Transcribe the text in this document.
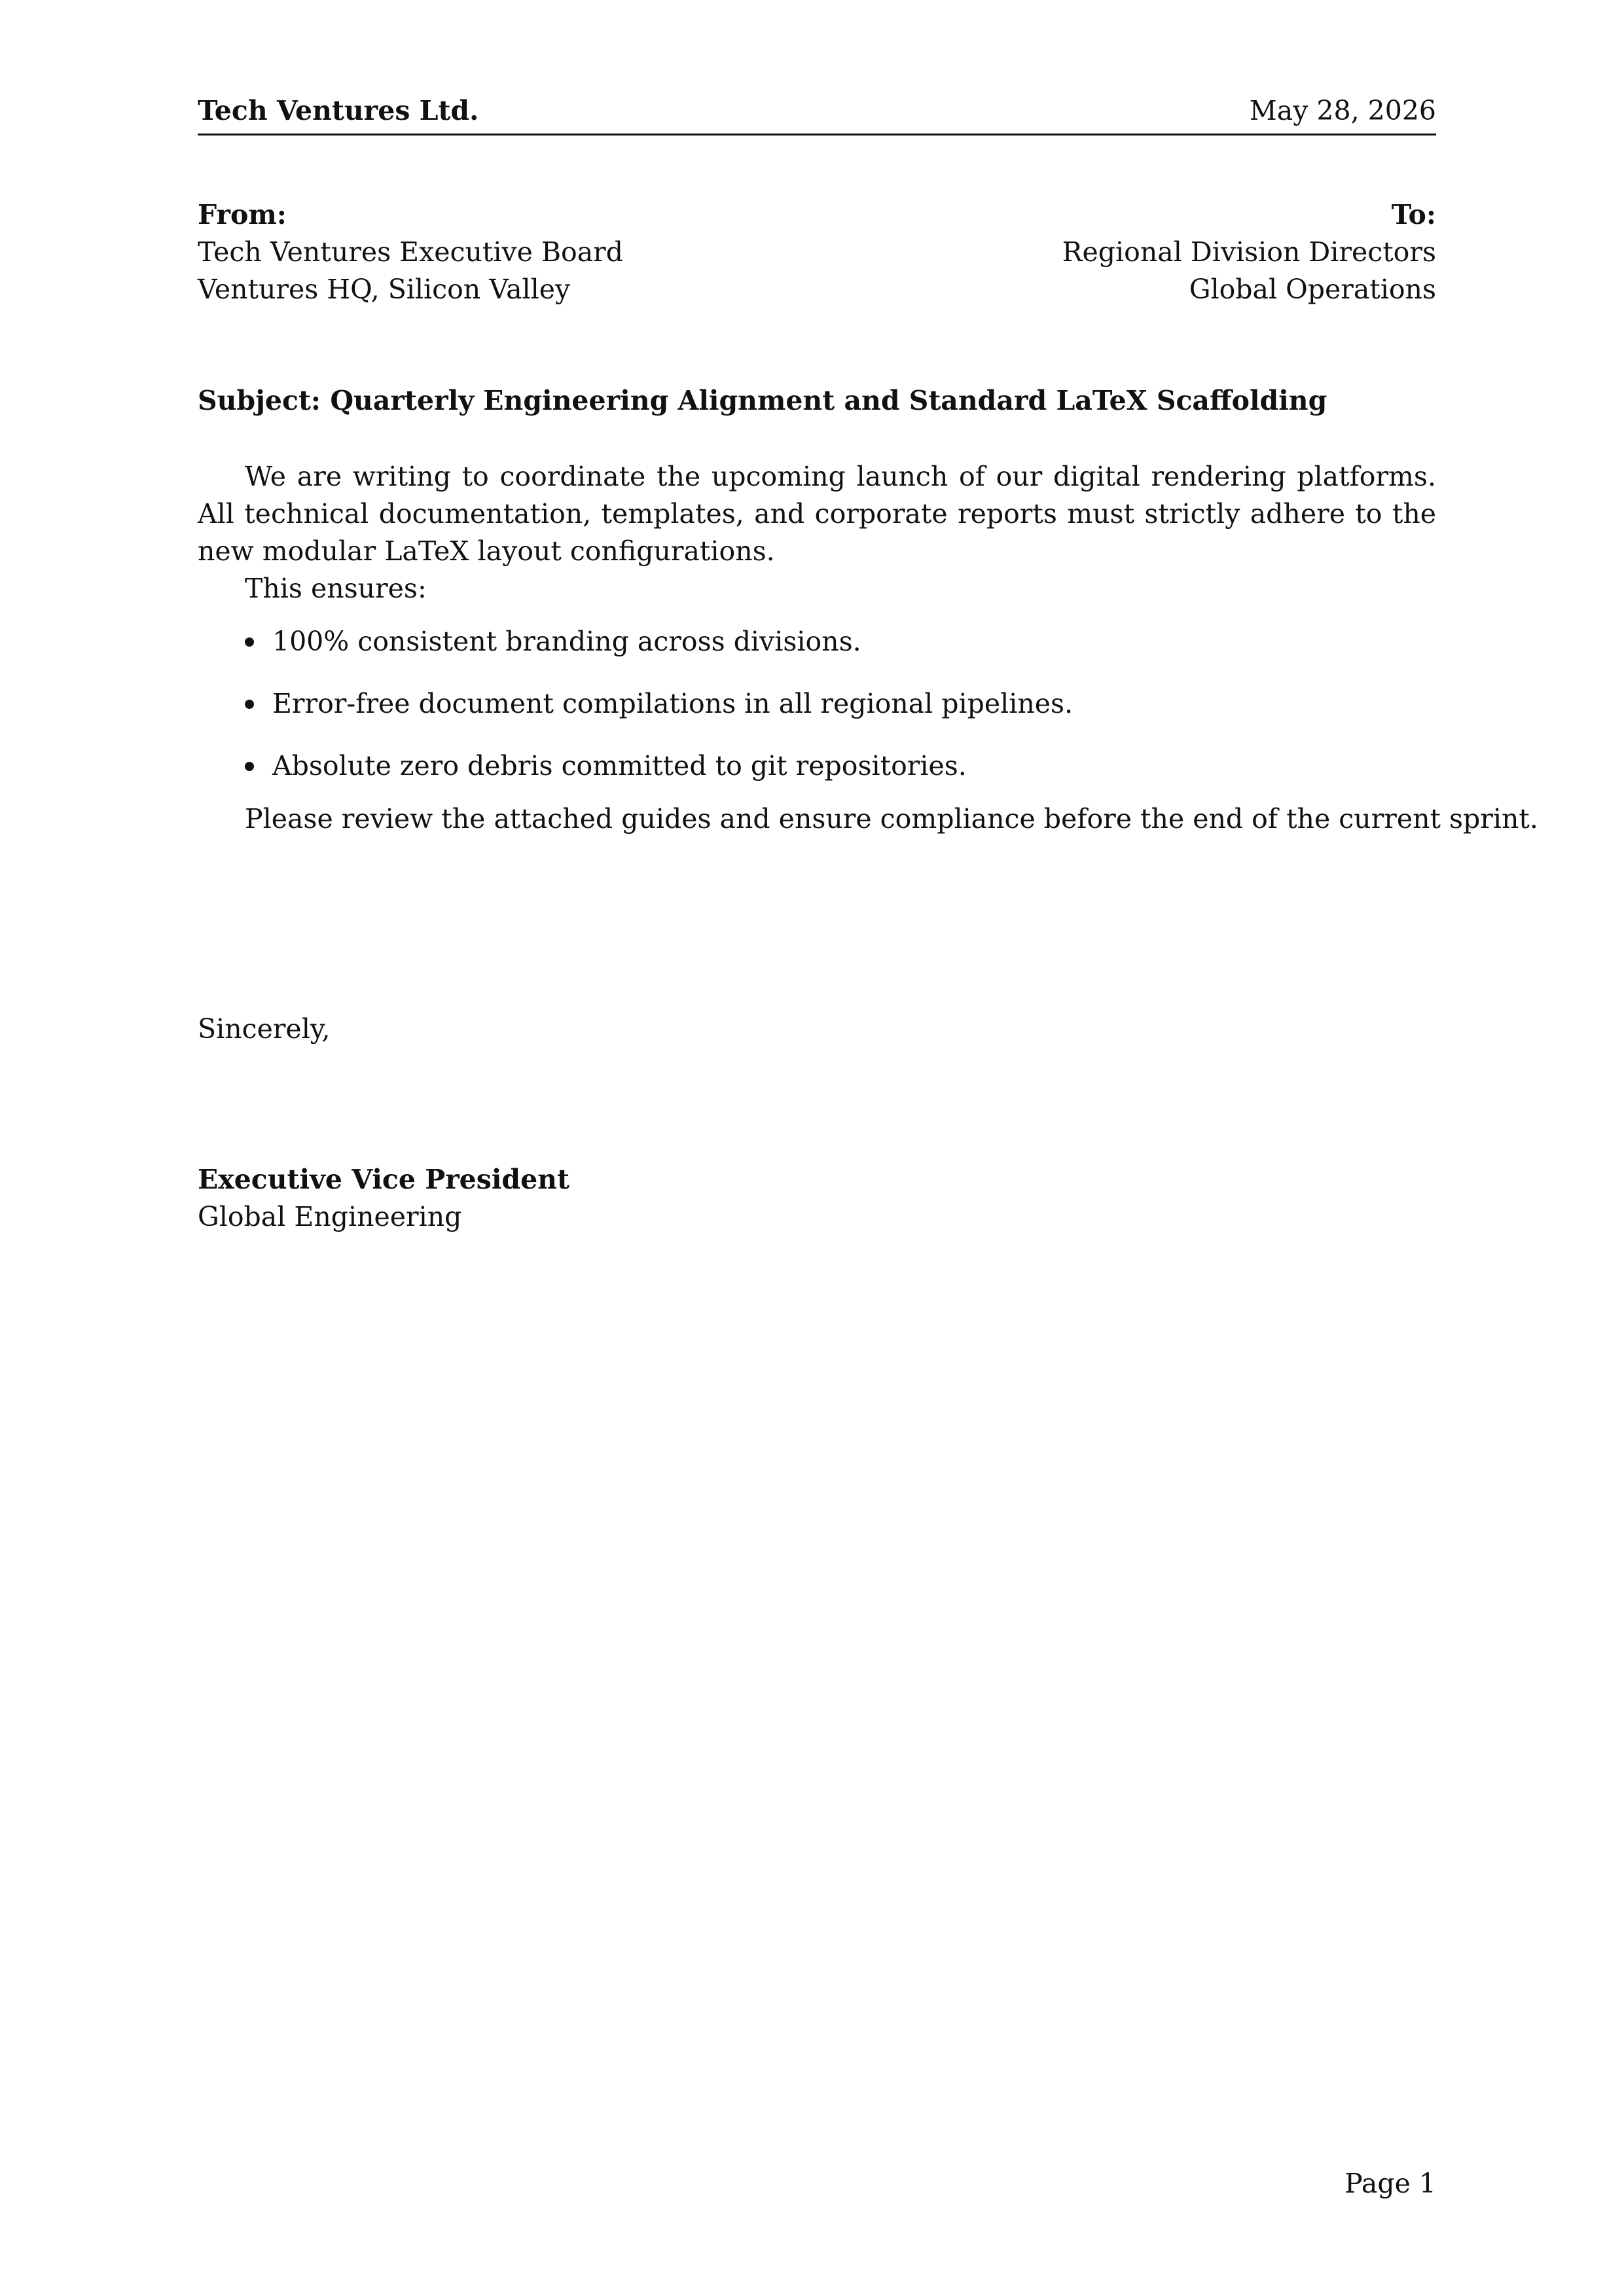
Tech Ventures Ltd.	May 28, 2026
From:
Tech Ventures Executive Board
Ventures HQ, Silicon Valley
To:
Regional Division Directors
Global Operations
Subject: Quarterly Engineering Alignment and Standard LaTeX Scaffolding

We are writing to coordinate the upcoming launch of our digital rendering platforms. All technical documentation, templates, and corporate reports must strictly adhere to the new modular LaTeX layout configurations.

This ensures:

100% consistent branding across divisions.
Error-free document compilations in all regional pipelines.
Absolute zero debris committed to git repositories.

Please review the attached guides and ensure compliance before the end of the current sprint.

Sincerely,
Executive Vice President
Global Engineering
Page 1
